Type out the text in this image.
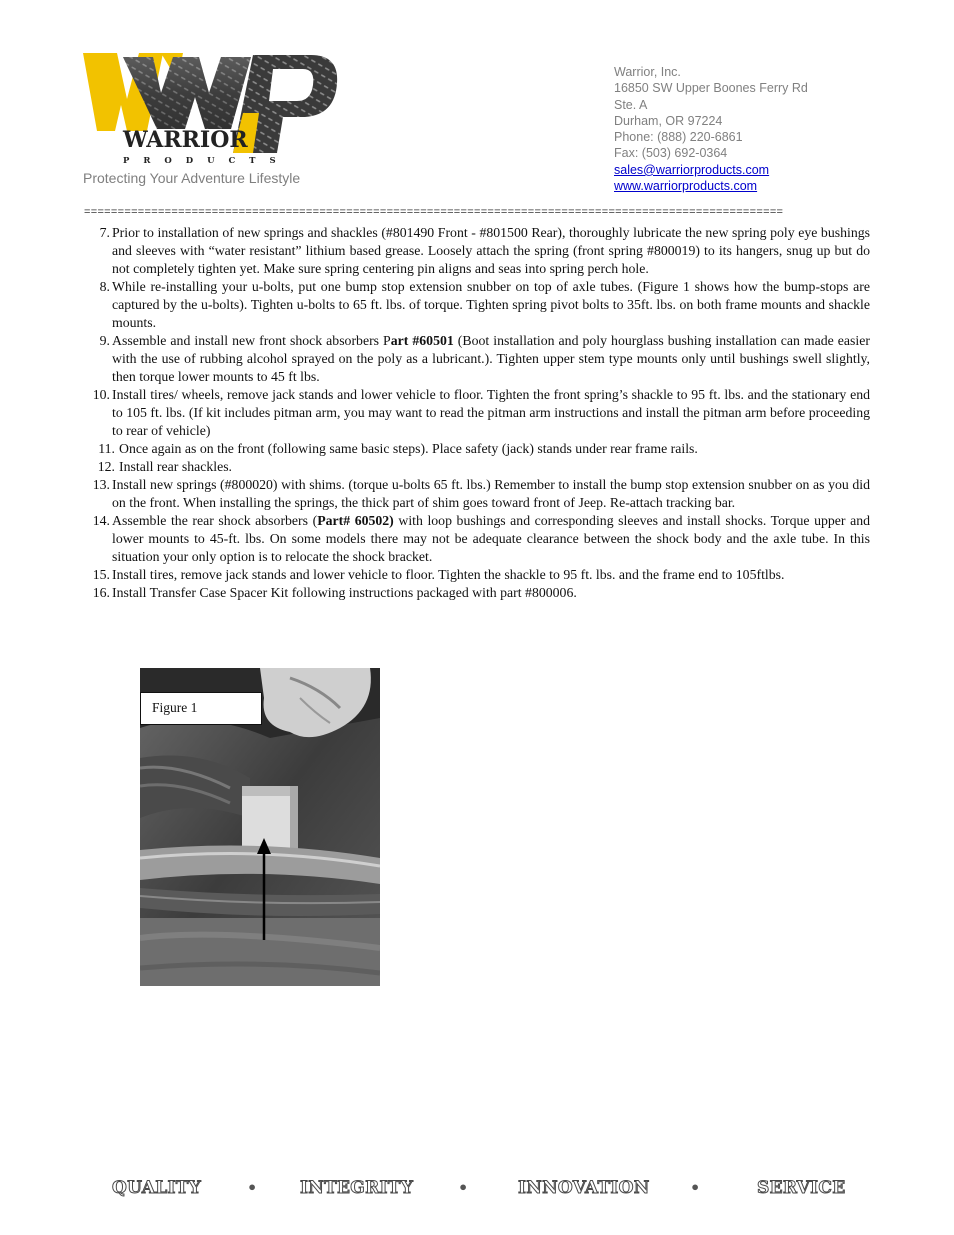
WARRIOR
P R O D U C T S
Protecting Your Adventure Lifestyle
Warrior, Inc.
16850 SW Upper Boones Ferry Rd
Ste. A
Durham, OR 97224
Phone: (888) 220-6861
Fax: (503) 692-0364
sales@warriorproducts.com
www.warriorproducts.com
========================================================================================================
7. Prior to installation of new springs and shackles (#801490 Front - #801500 Rear), thoroughly lubricate the new spring poly eye bushings and sleeves with “water resistant” lithium based grease. Loosely attach the spring (front spring #800019) to its hangers, snug up but do not completely tighten yet. Make sure spring centering pin aligns and seas into spring perch hole.
8. While re-installing your u-bolts, put one bump stop extension snubber on top of axle tubes. (Figure 1 shows how the bump-stops are captured by the u-bolts). Tighten u-bolts to 65 ft. lbs. of torque. Tighten spring pivot bolts to 35ft. lbs. on both frame mounts and shackle mounts.
9. Assemble and install new front shock absorbers Part #60501 (Boot installation and poly hourglass bushing installation can made easier with the use of rubbing alcohol sprayed on the poly as a lubricant.). Tighten upper stem type mounts only until bushings swell slightly, then torque lower mounts to 45 ft lbs.
10. Install tires/ wheels, remove jack stands and lower vehicle to floor. Tighten the front spring’s shackle to 95 ft. lbs. and the stationary end to 105 ft. lbs. (If kit includes pitman arm, you may want to read the pitman arm instructions and install the pitman arm before proceeding to rear of vehicle)
11. Once again as on the front (following same basic steps). Place safety (jack) stands under rear frame rails.
12. Install rear shackles.
13. Install new springs (#800020) with shims. (torque u-bolts 65 ft. lbs.) Remember to install the bump stop extension snubber on as you did on the front. When installing the springs, the thick part of shim goes toward front of Jeep. Re-attach tracking bar.
14. Assemble the rear shock absorbers (Part# 60502) with loop bushings and corresponding sleeves and install shocks. Torque upper and lower mounts to 45-ft. lbs. On some models there may not be adequate clearance between the shock body and the axle tube. In this situation your only option is to relocate the shock bracket.
15. Install tires, remove jack stands and lower vehicle to floor. Tighten the shackle to 95 ft. lbs. and the frame end to 105ftlbs.
16. Install Transfer Case Spacer Kit following instructions packaged with part #800006.
Figure 1
QUALITY	• INTEGRITY	•	INNOVATION	•	SERVICE
